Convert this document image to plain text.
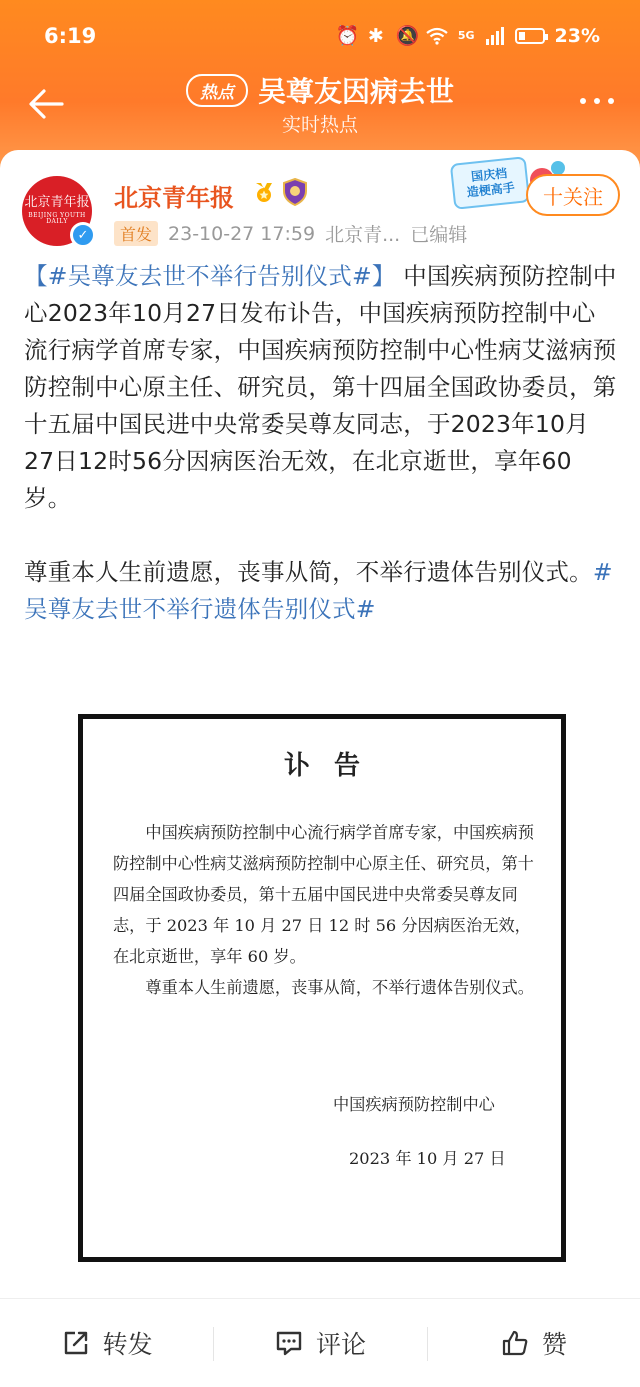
6:19	⏰ ✱ 🔕	5G	23%
热点 吴尊友因病去世
实时热点
北京青年报
BEIJING YOUTH DAILY
✓
北京青年报
首发 23-10-27 17:59 北京青... 已编辑
国庆档
造梗高手	十关注

【#吴尊友去世不举行告别仪式#】 中国疾病预防控制中心2023年10月27日发布讣告，中国疾病预防控制中心流行病学首席专家，中国疾病预防控制中心性病艾滋病预防控制中心原主任、研究员，第十四届全国政协委员，第十五届中国民进中央常委吴尊友同志，于2023年10月27日12时56分因病医治无效，在北京逝世，享年60岁。

尊重本人生前遗愿，丧事从简，不举行遗体告别仪式。#吴尊友去世不举行遗体告别仪式#

讣告

中国疾病预防控制中心流行病学首席专家，中国疾病预防控制中心性病艾滋病预防控制中心原主任、研究员，第十四届全国政协委员，第十五届中国民进中央常委吴尊友同志，于 2023 年 10 月 27 日 12 时 56 分因病医治无效，在北京逝世，享年 60 岁。

尊重本人生前遗愿，丧事从简，不举行遗体告别仪式。

中国疾病预防控制中心
2023 年 10 月 27 日
转发	评论	赞
